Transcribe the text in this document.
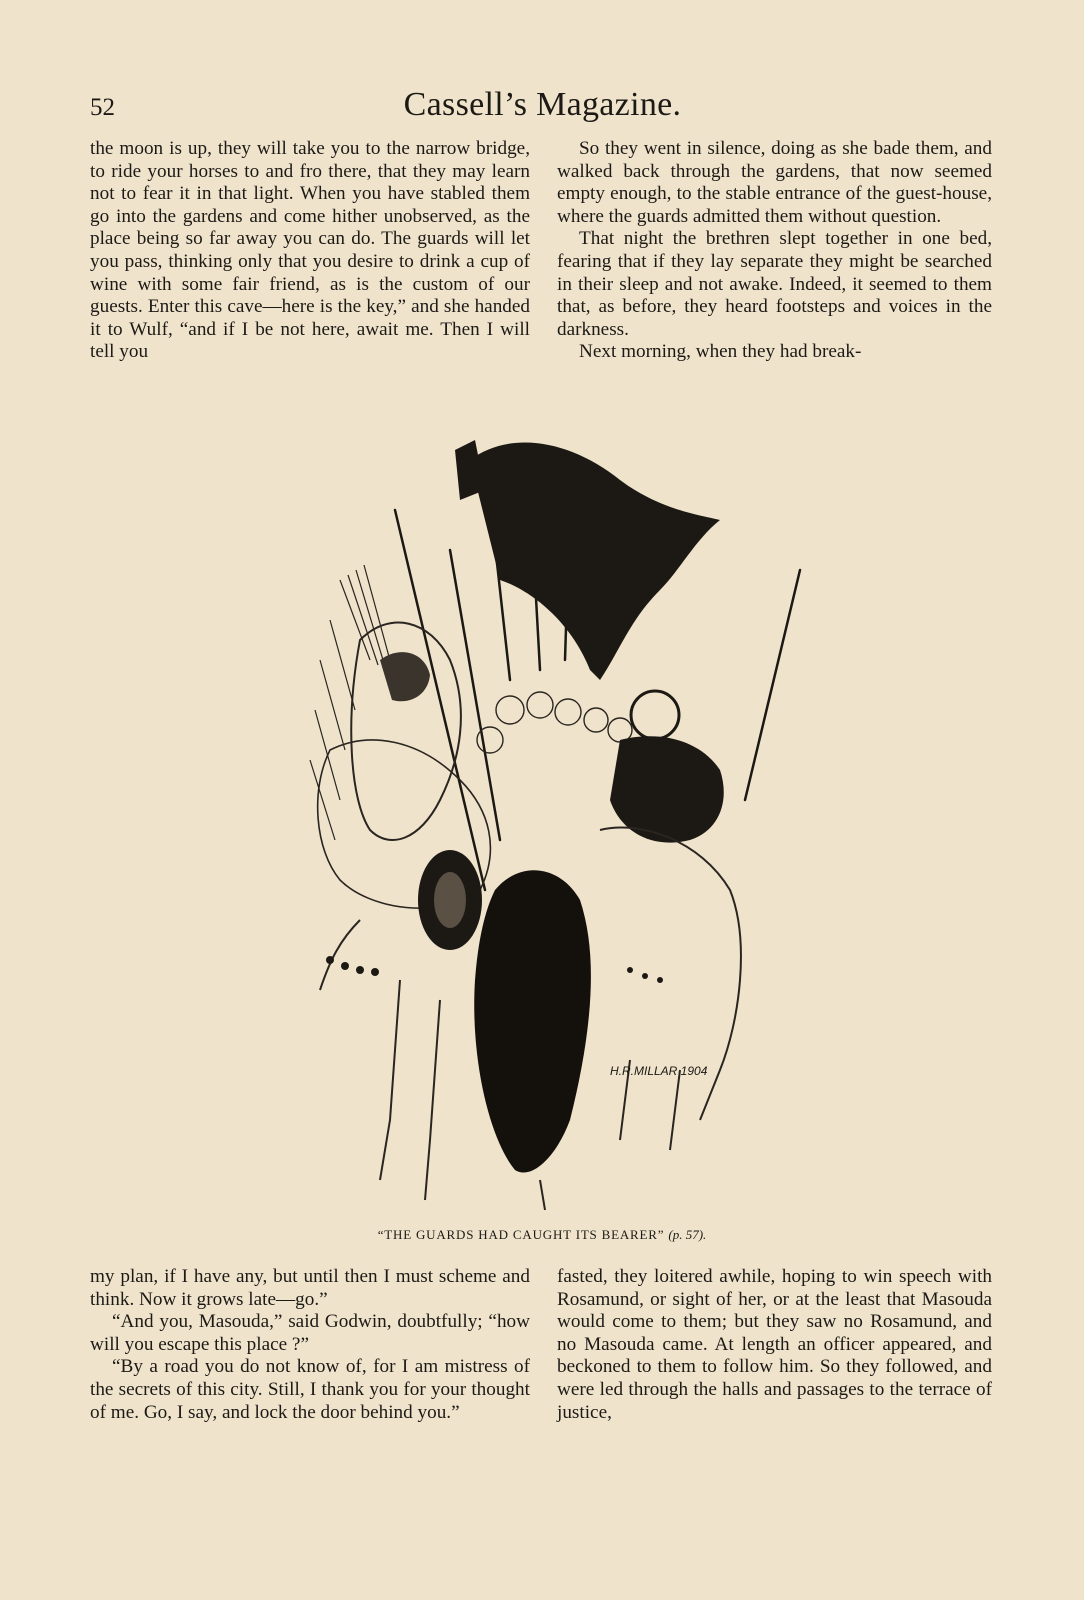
52	Cassell’s Magazine.

the moon is up, they will take you to the narrow bridge, to ride your horses to and fro there, that they may learn not to fear it in that light. When you have stabled them go into the gardens and come hither unobserved, as the place being so far away you can do. The guards will let you pass, thinking only that you desire to drink a cup of wine with some fair friend, as is the custom of our guests. Enter this cave—here is the key,” and she handed it to Wulf, “and if I be not here, await me. Then I will tell you

So they went in silence, doing as she bade them, and walked back through the gardens, that now seemed empty enough, to the stable entrance of the guest-house, where the guards admitted them without question.

That night the brethren slept together in one bed, fearing that if they lay separate they might be searched in their sleep and not awake. Indeed, it seemed to them that, as before, they heard footsteps and voices in the darkness.

Next morning, when they had break-

H.R.MILLAR 1904
“THE GUARDS HAD CAUGHT ITS BEARER” (p. 57).

my plan, if I have any, but until then I must scheme and think. Now it grows late—go.”

“And you, Masouda,” said Godwin, doubtfully; “how will you escape this place ?”

“By a road you do not know of, for I am mistress of the secrets of this city. Still, I thank you for your thought of me. Go, I say, and lock the door behind you.”

fasted, they loitered awhile, hoping to win speech with Rosamund, or sight of her, or at the least that Masouda would come to them; but they saw no Rosamund, and no Masouda came. At length an officer appeared, and beckoned to them to follow him. So they followed, and were led through the halls and passages to the terrace of justice,
